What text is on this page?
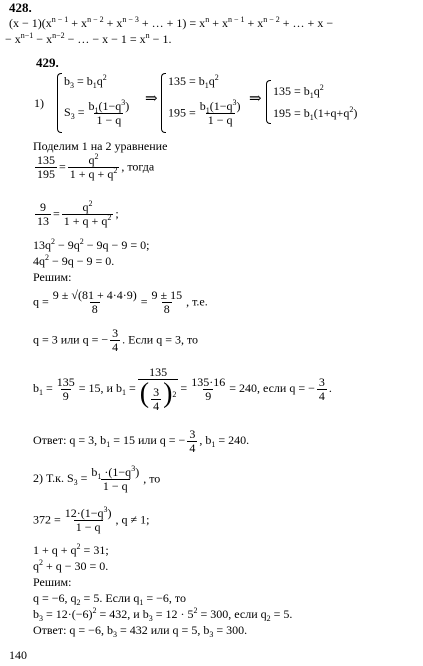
428.
$(x - 1)(x^{n - 1} + x^{n - 2} + x^{n - 3}$ + … + $1) = x^n + x^{n - 1} + x^{n - 2}$ + … + x −
− $x^{n-1} - x^{n-2}$ − … − $x - 1 = x^n - 1$.
429.
1)
$b_3 = b_1q^2$
$S_3 = \frac{b_1(1-q^3)}{1 - q}$
⇒
$135 = b_1q^2$
$195 = \frac{b_1(1-q^3)}{1 - q}$
⇒ $135 = b_1q^2$
$195 = b_1(1+q+q^2)$
Поделим 1 на 2 уравнение
$\frac{135}{195} = \frac{q^2}{1 + q + q^2}$ , тогда
$\frac{9}{13} = \frac{q^2}{1 + q + q^2}$ ;
$13q^2 - 9q^2 - 9q - 9 = 0$;
$4q^2 - 9q - 9 = 0$.
Решим:
$q = \frac{9 \pm √(81 + 4\cdot 4\cdot 9)}{8} = \frac{9 \pm 15}{8}$ , т.е.
q = 3 или q = − $\frac{3}{4}$ . Если q = 3, то
$b_1 = \frac{135}{9} = 15$, и $b_1 = \frac{135}{( \frac{3}{4} )^2} = \frac{135\cdot 16}{9} = 240$, если q = − $\frac{3}{4}$ .
Ответ: q = 3, $b_1 = 15$ или q = − $\frac{3}{4}$ , $b_1 = 240$.
2) Т.к. $S_3 = \frac{b_1 \cdot(1-q^3)}{1 - q}$ , то
$372 = \frac{12\cdot(1-q^3)}{1 - q}$ , q ≠ 1;
$1 + q + q^2 = 31$;
$q^2 + q - 30 = 0$.
Решим:
q = −6, $q_2 = 5$. Если $q_1 = -6$, то
$b_3 = 12\cdot(-6)^2 = 432$, и $b_3 = 12 \cdot 5^2 = 300$, если $q_2 = 5$.
Ответ: q = −6, $b_3 = 432$ или q = 5, $b_3 = 300$.
140
